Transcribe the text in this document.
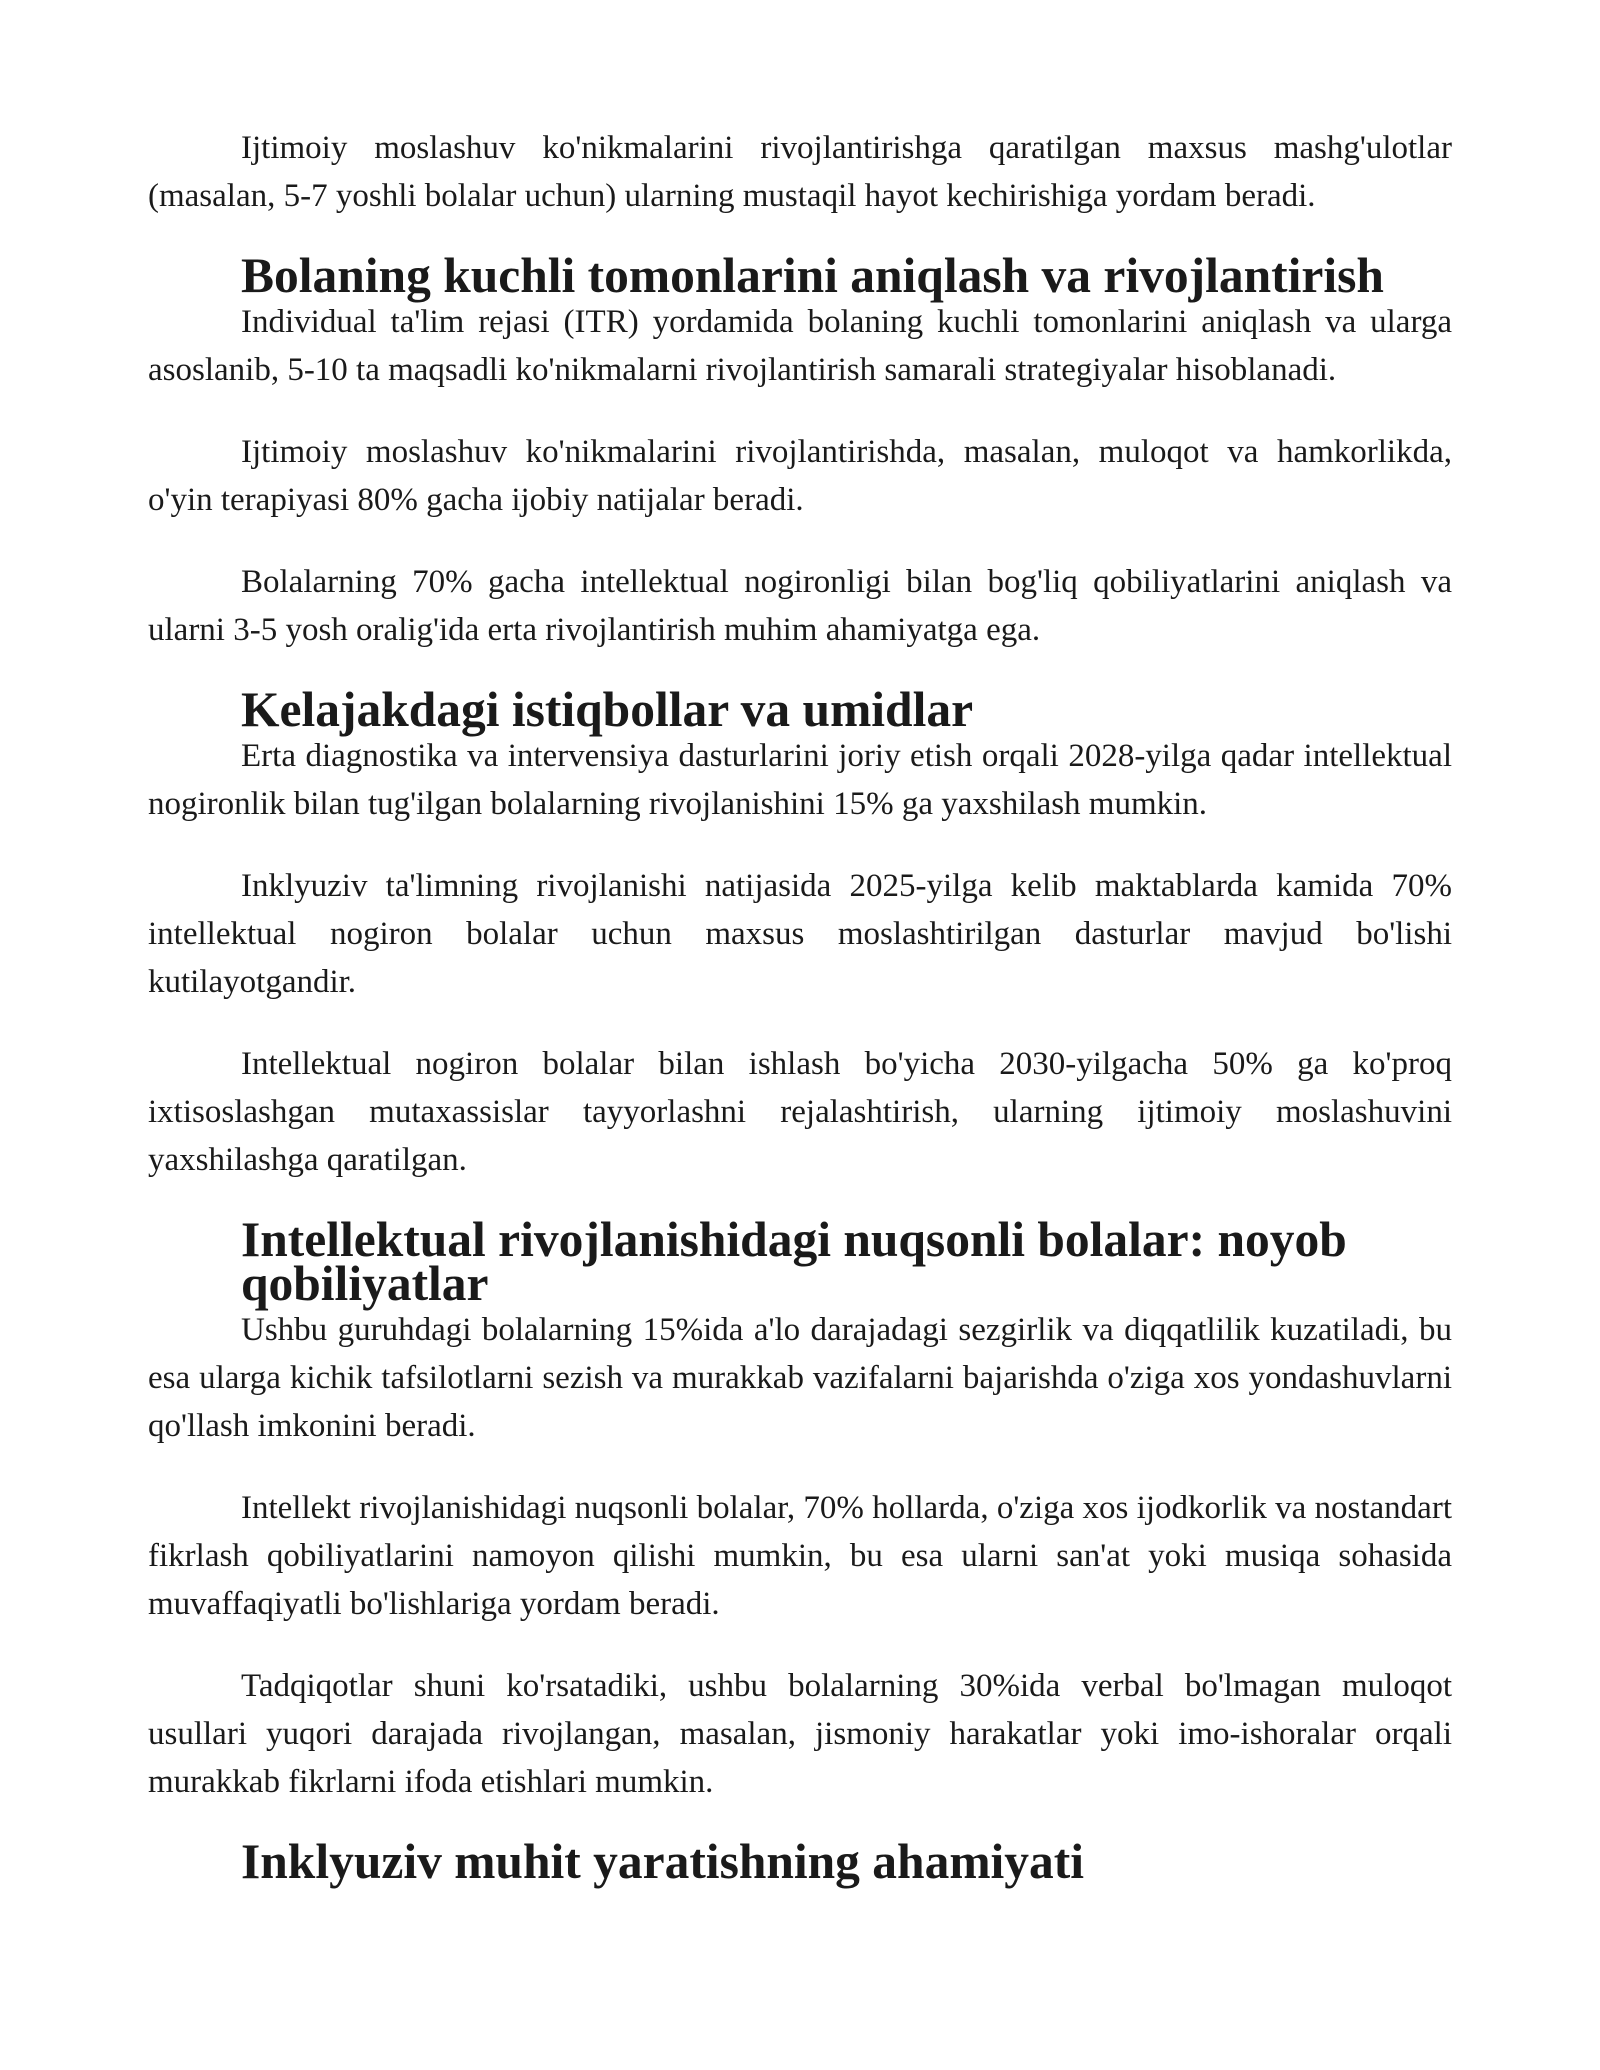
Ijtimoiy moslashuv ko'nikmalarini rivojlantirishga qaratilgan maxsus mashg'ulotlar (masalan, 5-7 yoshli bolalar uchun) ularning mustaqil hayot kechirishiga yordam beradi.

Bolaning kuchli tomonlarini aniqlash va rivojlantirish

Individual ta'lim rejasi (ITR) yordamida bolaning kuchli tomonlarini aniqlash va ularga asoslanib, 5-10 ta maqsadli ko'nikmalarni rivojlantirish samarali strategiyalar hisoblanadi.

Ijtimoiy moslashuv ko'nikmalarini rivojlantirishda, masalan, muloqot va hamkorlikda, o'yin terapiyasi 80% gacha ijobiy natijalar beradi.

Bolalarning 70% gacha intellektual nogironligi bilan bog'liq qobiliyatlarini aniqlash va ularni 3-5 yosh oralig'ida erta rivojlantirish muhim ahamiyatga ega.

Kelajakdagi istiqbollar va umidlar

Erta diagnostika va intervensiya dasturlarini joriy etish orqali 2028-yilga qadar intellektual nogironlik bilan tug'ilgan bolalarning rivojlanishini 15% ga yaxshilash mumkin.

Inklyuziv ta'limning rivojlanishi natijasida 2025-yilga kelib maktablarda kamida 70% intellektual nogiron bolalar uchun maxsus moslashtirilgan dasturlar mavjud bo'lishi kutilayotgandir.

Intellektual nogiron bolalar bilan ishlash bo'yicha 2030-yilgacha 50% ga ko'proq ixtisoslashgan mutaxassislar tayyorlashni rejalashtirish, ularning ijtimoiy moslashuvini yaxshilashga qaratilgan.

Intellektual rivojlanishidagi nuqsonli bolalar: noyob qobiliyatlar

Ushbu guruhdagi bolalarning 15%ida a'lo darajadagi sezgirlik va diqqatlilik kuzatiladi, bu esa ularga kichik tafsilotlarni sezish va murakkab vazifalarni bajarishda o'ziga xos yondashuvlarni qo'llash imkonini beradi.

Intellekt rivojlanishidagi nuqsonli bolalar, 70% hollarda, o'ziga xos ijodkorlik va nostandart fikrlash qobiliyatlarini namoyon qilishi mumkin, bu esa ularni san'at yoki musiqa sohasida muvaffaqiyatli bo'lishlariga yordam beradi.

Tadqiqotlar shuni ko'rsatadiki, ushbu bolalarning 30%ida verbal bo'lmagan muloqot usullari yuqori darajada rivojlangan, masalan, jismoniy harakatlar yoki imo-ishoralar orqali murakkab fikrlarni ifoda etishlari mumkin.

Inklyuziv muhit yaratishning ahamiyati
